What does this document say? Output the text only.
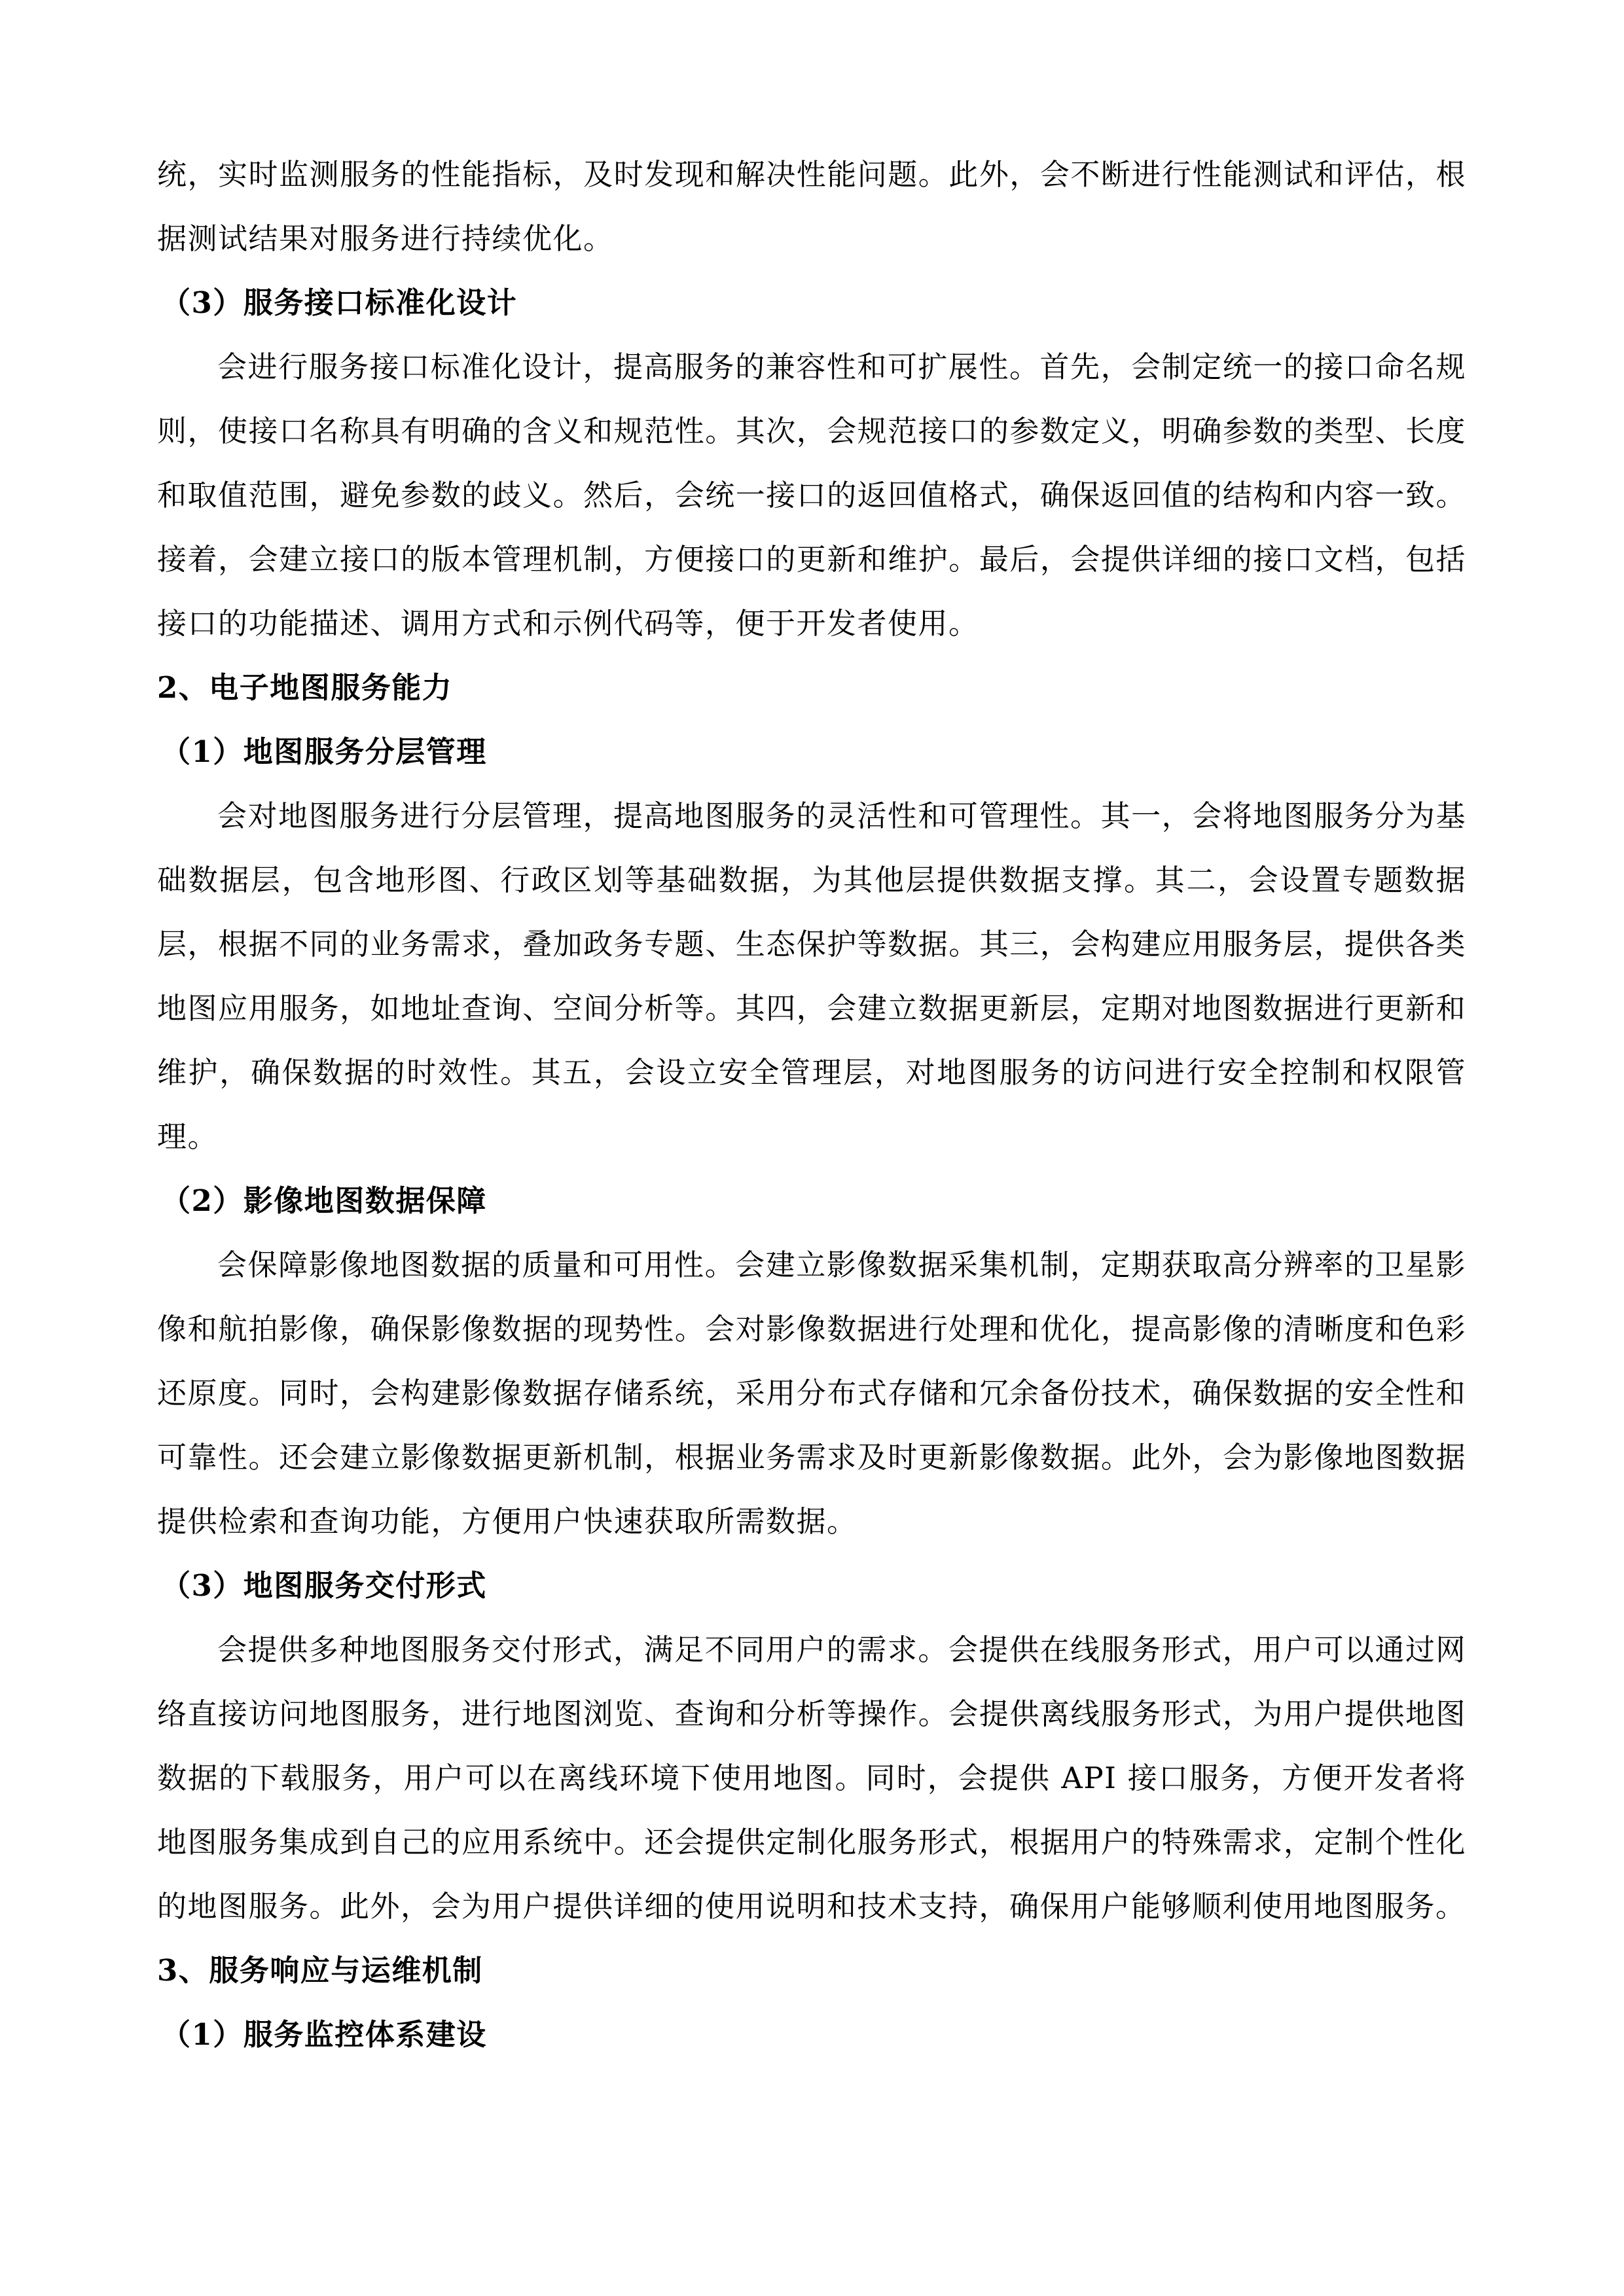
统，实时监测服务的性能指标，及时发现和解决性能问题。此外，会不断进行性能测试和评估，根据测试结果对服务进行持续优化。

（3）服务接口标准化设计

会进行服务接口标准化设计，提高服务的兼容性和可扩展性。首先，会制定统一的接口命名规则，使接口名称具有明确的含义和规范性。其次，会规范接口的参数定义，明确参数的类型、长度和取值范围，避免参数的歧义。然后，会统一接口的返回值格式，确保返回值的结构和内容一致。接着，会建立接口的版本管理机制，方便接口的更新和维护。最后，会提供详细的接口文档，包括接口的功能描述、调用方式和示例代码等，便于开发者使用。

2、电子地图服务能力

（1）地图服务分层管理

会对地图服务进行分层管理，提高地图服务的灵活性和可管理性。其一，会将地图服务分为基础数据层，包含地形图、行政区划等基础数据，为其他层提供数据支撑。其二，会设置专题数据层，根据不同的业务需求，叠加政务专题、生态保护等数据。其三，会构建应用服务层，提供各类地图应用服务，如地址查询、空间分析等。其四，会建立数据更新层，定期对地图数据进行更新和维护，确保数据的时效性。其五，会设立安全管理层，对地图服务的访问进行安全控制和权限管理。

（2）影像地图数据保障

会保障影像地图数据的质量和可用性。会建立影像数据采集机制，定期获取高分辨率的卫星影像和航拍影像，确保影像数据的现势性。会对影像数据进行处理和优化，提高影像的清晰度和色彩还原度。同时，会构建影像数据存储系统，采用分布式存储和冗余备份技术，确保数据的安全性和可靠性。还会建立影像数据更新机制，根据业务需求及时更新影像数据。此外，会为影像地图数据提供检索和查询功能，方便用户快速获取所需数据。

（3）地图服务交付形式

会提供多种地图服务交付形式，满足不同用户的需求。会提供在线服务形式，用户可以通过网络直接访问地图服务，进行地图浏览、查询和分析等操作。会提供离线服务形式，为用户提供地图数据的下载服务，用户可以在离线环境下使用地图。同时，会提供 API 接口服务，方便开发者将地图服务集成到自己的应用系统中。还会提供定制化服务形式，根据用户的特殊需求，定制个性化的地图服务。此外，会为用户提供详细的使用说明和技术支持，确保用户能够顺利使用地图服务。

3、服务响应与运维机制

（1）服务监控体系建设
